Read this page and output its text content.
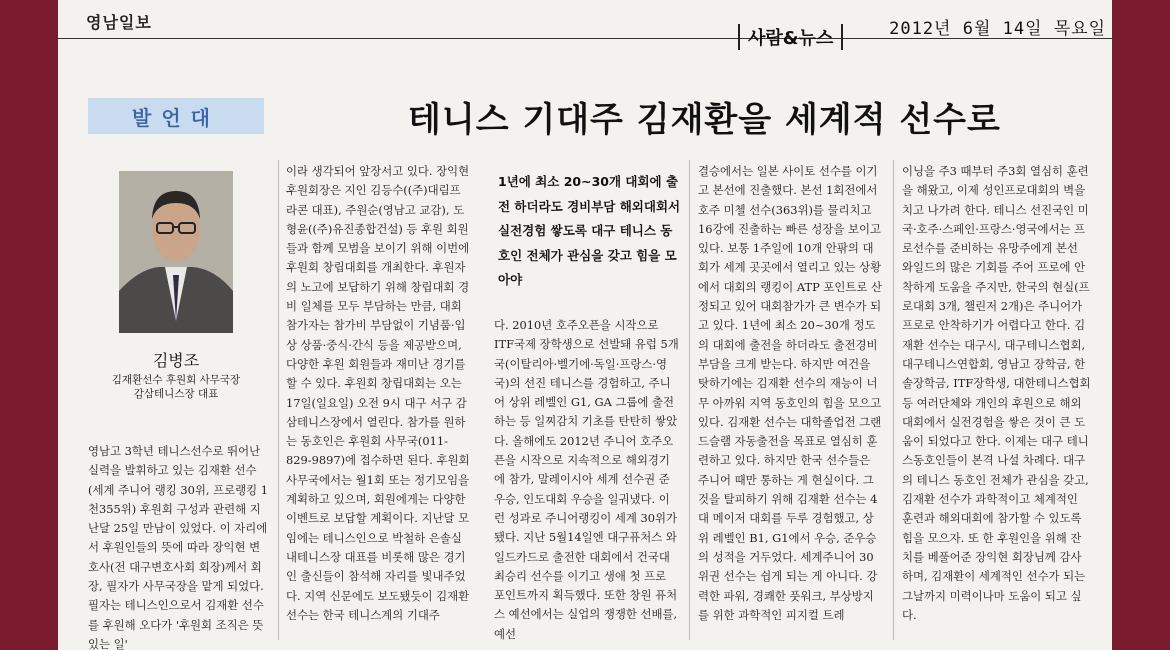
영남일보
사람&뉴스	2012년 6월 14일 목요일
발언대	테니스 기대주 김재환을 세계적 선수로
김병조
김재환선수 후원회 사무국장
감삼테니스장 대표

영남고 3학년 테니스선수로 뛰어난 실력을 발휘하고 있는 김재환 선수(세계 주니어 랭킹 30위, 프로랭킹 1천355위) 후원회 구성과 관련해 지난달 25일 만남이 있었다. 이 자리에서 후원인들의 뜻에 따라 장익현 변호사(전 대구변호사회 회장)께서 회장, 필자가 사무국장을 맡게 되었다. 필자는 테니스인으로서 김재환 선수를 후원해 오다가 '후원회 조직은 뜻있는 일'

이라 생각되어 앞장서고 있다. 장익현 후원회장은 지인 김등수((주)대림프라콘 대표), 주원순(영남고 교감), 도형윤((주)유진종합건설) 등 후원 회원들과 함께 모범을 보이기 위해 이번에 후원회 창립대회를 개최한다. 후원자의 노고에 보답하기 위해 창립대회 경비 일체를 모두 부담하는 만큼, 대회 참가자는 참가비 부담없이 기념품·입상 상품·중식·간식 등을 제공받으며, 다양한 후원 회원들과 재미난 경기를 할 수 있다. 후원회 창립대회는 오는 17일(일요일) 오전 9시 대구 서구 감삼테니스장에서 열린다. 참가를 원하는 동호인은 후원회 사무국(011-829-9897)에 접수하면 된다. 후원회 사무국에서는 월1회 또는 정기모임을 계획하고 있으며, 회원에게는 다양한 이벤트로 보답할 계획이다. 지난달 모임에는 테니스인으로 박철하 은솔실내테니스장 대표를 비롯해 많은 경기인 출신들이 참석해 자리를 빛내주었다. 지역 신문에도 보도됐듯이 김재환 선수는 한국 테니스계의 기대주

1년에 최소 20∼30개 대회에 출전 하더라도 경비부담 해외대회서 실전경험 쌓도록 대구 테니스 동호인 전체가 관심을 갖고 힘을 모아야

다. 2010년 호주오픈을 시작으로 ITF국제 장학생으로 선발돼 유럽 5개국(이탈리아·벨기에·독일·프랑스·영국)의 선진 테니스를 경험하고, 주니어 상위 레벨인 G1, GA 그룹에 출전하는 등 일찌감치 기초를 탄탄히 쌓았다. 올해에도 2012년 주니어 호주오픈을 시작으로 지속적으로 해외경기에 참가, 말레이시아 세계 선수권 준우승, 인도대회 우승을 일궈냈다. 이런 성과로 주니어랭킹이 세계 30위가 됐다. 지난 5월14일엔 대구퓨처스 와일드카드로 출전한 대회에서 건국대 최승리 선수를 이기고 생애 첫 프로 포인트까지 획득했다. 또한 창원 퓨처스 예선에서는 실업의 쟁쟁한 선배를, 예선

결승에서는 일본 사이토 선수를 이기고 본선에 진출했다. 본선 1회전에서 호주 미첼 선수(363위)를 물리치고 16강에 진출하는 빠른 성장을 보이고 있다. 보통 1주일에 10개 안팎의 대회가 세계 곳곳에서 열리고 있는 상황에서 대회의 랭킹이 ATP 포인트로 산정되고 있어 대회참가가 큰 변수가 되고 있다. 1년에 최소 20~30개 정도의 대회에 출전을 하더라도 출전경비 부담을 크게 받는다. 하지만 여건을 탓하기에는 김재환 선수의 재능이 너무 아까워 지역 동호인의 힘을 모으고 있다. 김재환 선수는 대학졸업전 그랜드슬램 자동출전을 목표로 열심히 훈련하고 있다. 하지만 한국 선수들은 주니어 때만 통하는 게 현실이다. 그것을 탈피하기 위해 김재환 선수는 4대 메이저 대회를 두루 경험했고, 상위 레벨인 B1, G1에서 우승, 준우승의 성적을 거두었다. 세계주니어 30위권 선수는 쉽게 되는 게 아니다. 강력한 파워, 경쾌한 풋워크, 부상방지를 위한 과학적인 피지컬 트레

이닝을 주3 때부터 주3회 열심히 훈련을 해왔고, 이제 성인프로대회의 벽을 치고 나가려 한다. 테니스 선진국인 미국·호주·스페인·프랑스·영국에서는 프로선수를 준비하는 유망주에게 본선 와일드의 많은 기회를 주어 프로에 안착하게 도움을 주지만, 한국의 현실(프로대회 3개, 챌린저 2개)은 주니어가 프로로 안착하기가 어렵다고 한다. 김재환 선수는 대구시, 대구테니스협회, 대구테니스연합회, 영남고 장학금, 한솔장학금, ITF장학생, 대한테니스협회 등 여러단체와 개인의 후원으로 해외대회에서 실전경험을 쌓은 것이 큰 도움이 되었다고 한다. 이제는 대구 테니스동호인들이 본격 나설 차례다. 대구의 테니스 동호인 전체가 관심을 갖고, 김재환 선수가 과학적이고 체계적인 훈련과 해외대회에 참가할 수 있도록 힘을 모으자. 또 한 후원인을 위해 잔치를 베풀어준 장익현 회장님께 감사하며, 김재환이 세계적인 선수가 되는 그날까지 미력이나마 도움이 되고 싶다.
